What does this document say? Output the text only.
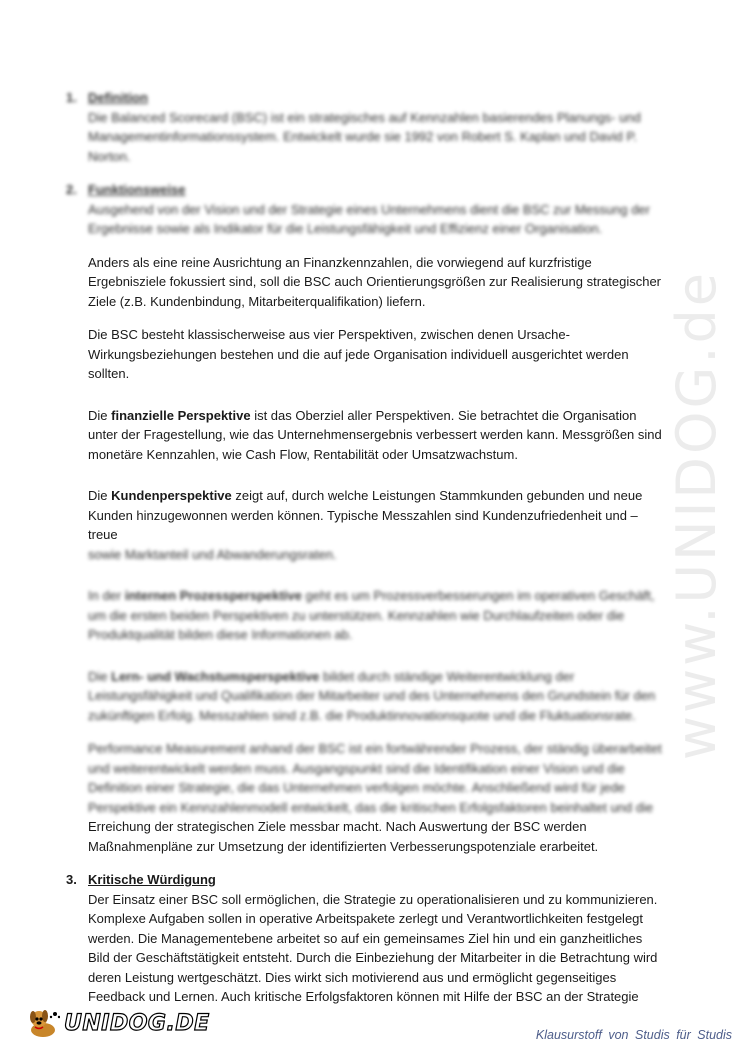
www.UNIDOG.de
1. Definition
Die Balanced Scorecard (BSC) ist ein strategisches auf Kennzahlen basierendes Planungs- und Managementinformationssystem. Entwickelt wurde sie 1992 von Robert S. Kaplan und David P. Norton.
2. Funktionsweise

Ausgehend von der Vision und der Strategie eines Unternehmens dient die BSC zur Messung der Ergebnisse sowie als Indikator für die Leistungsfähigkeit und Effizienz einer Organisation.

Anders als eine reine Ausrichtung an Finanzkennzahlen, die vorwiegend auf kurzfristige Ergebnisziele fokussiert sind, soll die BSC auch Orientierungsgrößen zur Realisierung strategischer Ziele (z.B. Kundenbindung, Mitarbeiterqualifikation) liefern.

Die BSC besteht klassischerweise aus vier Perspektiven, zwischen denen Ursache-Wirkungsbeziehungen bestehen und die auf jede Organisation individuell ausgerichtet werden sollten.

Die finanzielle Perspektive ist das Oberziel aller Perspektiven. Sie betrachtet die Organisation unter der Fragestellung, wie das Unternehmensergebnis verbessert werden kann. Messgrößen sind monetäre Kennzahlen, wie Cash Flow, Rentabilität oder Umsatzwachstum.

Die Kundenperspektive zeigt auf, durch welche Leistungen Stammkunden gebunden und neue Kunden hinzugewonnen werden können. Typische Messzahlen sind Kundenzufriedenheit und –treue

sowie Marktanteil und Abwanderungsraten.

In der internen Prozessperspektive geht es um Prozessverbesserungen im operativen Geschäft, um die ersten beiden Perspektiven zu unterstützen. Kennzahlen wie Durchlaufzeiten oder die Produktqualität bilden diese Informationen ab.

Die Lern- und Wachstumsperspektive bildet durch ständige Weiterentwicklung der Leistungsfähigkeit und Qualifikation der Mitarbeiter und des Unternehmens den Grundstein für den zukünftigen Erfolg. Messzahlen sind z.B. die Produktinnovationsquote und die Fluktuationsrate.

Performance Measurement anhand der BSC ist ein fortwährender Prozess, der ständig überarbeitet und weiterentwickelt werden muss. Ausgangspunkt sind die Identifikation einer Vision und die Definition einer Strategie, die das Unternehmen verfolgen möchte. Anschließend wird für jede Perspektive ein Kennzahlenmodell entwickelt, das die kritischen Erfolgsfaktoren beinhaltet und die

Erreichung der strategischen Ziele messbar macht. Nach Auswertung der BSC werden Maßnahmenpläne zur Umsetzung der identifizierten Verbesserungspotenziale erarbeitet.

3. Kritische Würdigung
Der Einsatz einer BSC soll ermöglichen, die Strategie zu operationalisieren und zu kommunizieren. Komplexe Aufgaben sollen in operative Arbeitspakete zerlegt und Verantwortlichkeiten festgelegt werden. Die Managementebene arbeitet so auf ein gemeinsames Ziel hin und ein ganzheitliches Bild der Geschäftstätigkeit entsteht. Durch die Einbeziehung der Mitarbeiter in die Betrachtung wird deren Leistung wertgeschätzt. Dies wirkt sich motivierend aus und ermöglicht gegenseitiges Feedback und Lernen. Auch kritische Erfolgsfaktoren können mit Hilfe der BSC an der Strategie
UNIDOG.DE	Klausurstoff von Studis für Studis
